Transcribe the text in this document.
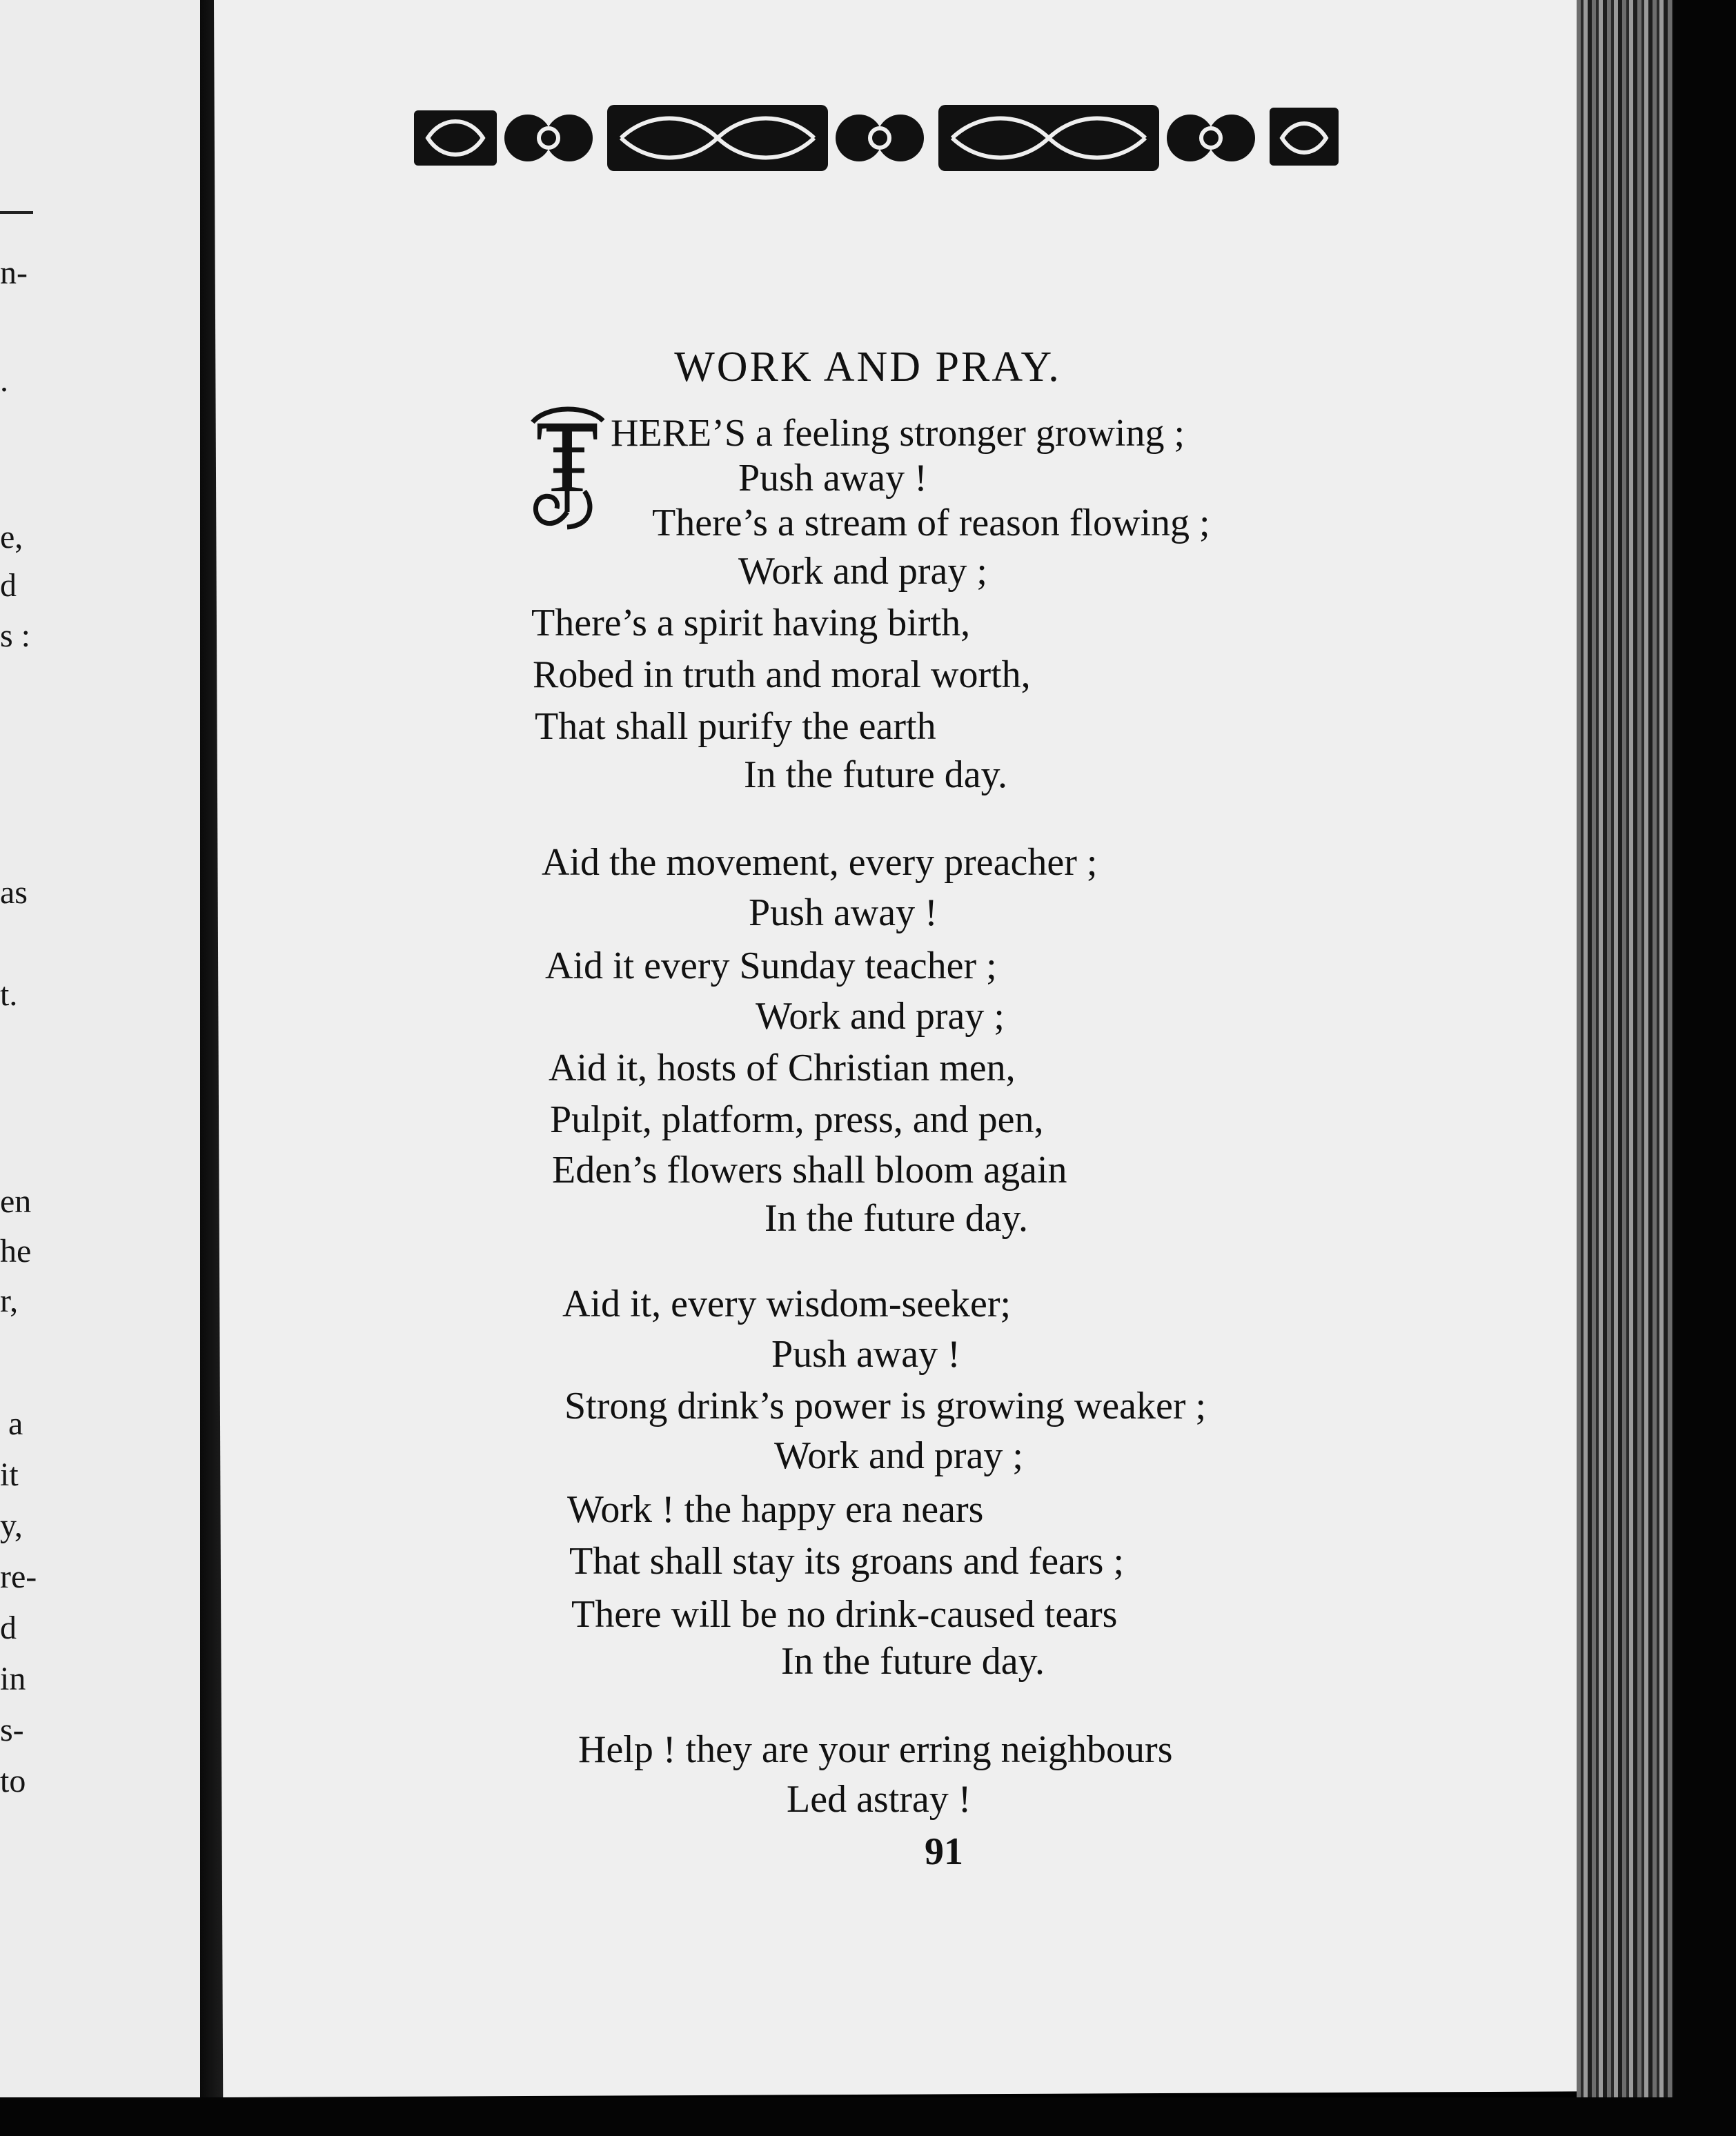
n-
.
e,
d
s :
as
t.
en
he
r,
a
it
y,
re-
d
in
s-
to
WORK AND PRAY.
T HERE’S a feeling stronger growing ;
Push away !
There’s a stream of reason flowing ;
Work and pray ;
There’s a spirit having birth,
Robed in truth and moral worth,
That shall purify the earth
In the future day.
Aid the movement, every preacher ;
Push away !
Aid it every Sunday teacher ;
Work and pray ;
Aid it, hosts of Christian men,
Pulpit, platform, press, and pen,
Eden’s flowers shall bloom again
In the future day.
Aid it, every wisdom-seeker;
Push away !
Strong drink’s power is growing weaker ;
Work and pray ;
Work ! the happy era nears
That shall stay its groans and fears ;
There will be no drink-caused tears
In the future day.
Help ! they are your erring neighbours
Led astray !
91
